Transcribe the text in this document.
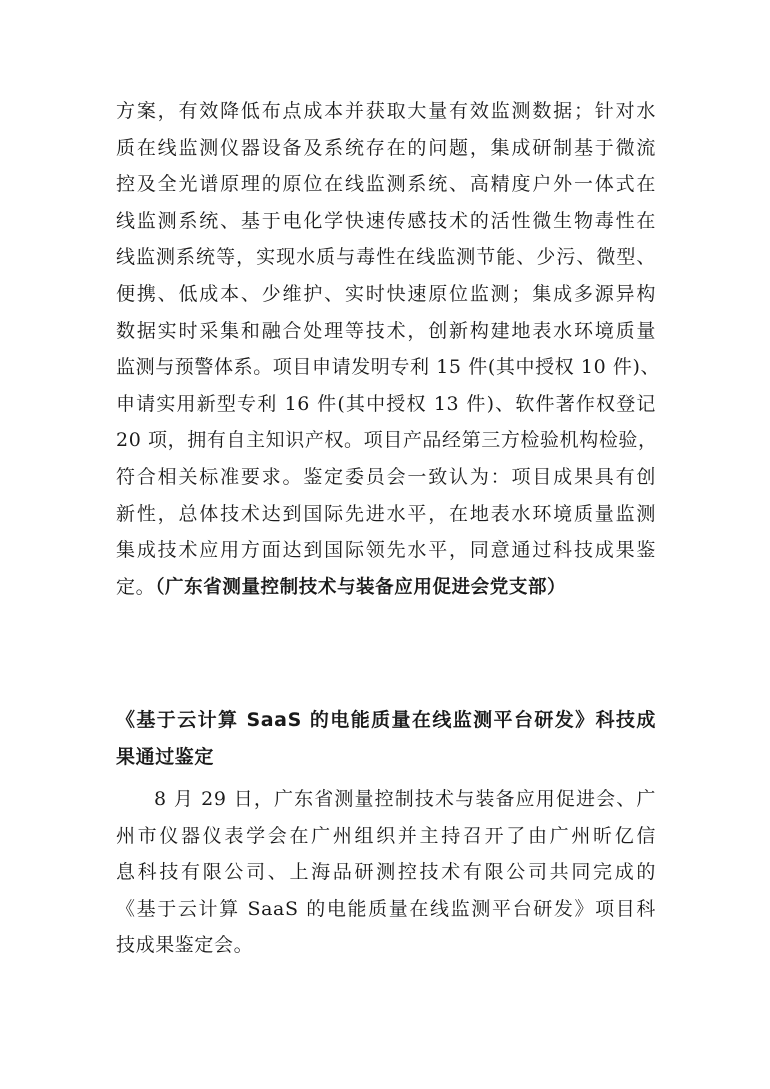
方案，有效降低布点成本并获取大量有效监测数据；针对水
质在线监测仪器设备及系统存在的问题，集成研制基于微流
控及全光谱原理的原位在线监测系统、高精度户外一体式在
线监测系统、基于电化学快速传感技术的活性微生物毒性在
线监测系统等，实现水质与毒性在线监测节能、少污、微型、
便携、低成本、少维护、实时快速原位监测；集成多源异构
数据实时采集和融合处理等技术，创新构建地表水环境质量
监测与预警体系。项目申请发明专利 15 件(其中授权 10 件)、
申请实用新型专利 16 件(其中授权 13 件)、软件著作权登记
20 项，拥有自主知识产权。项目产品经第三方检验机构检验，
符合相关标准要求。鉴定委员会一致认为：项目成果具有创
新性，总体技术达到国际先进水平，在地表水环境质量监测
集成技术应用方面达到国际领先水平，同意通过科技成果鉴
定。（广东省测量控制技术与装备应用促进会党支部）
《基于云计算 SaaS 的电能质量在线监测平台研发》科技成
果通过鉴定
8 月 29 日，广东省测量控制技术与装备应用促进会、广
州市仪器仪表学会在广州组织并主持召开了由广州昕亿信
息科技有限公司、上海品研测控技术有限公司共同完成的
《基于云计算 SaaS 的电能质量在线监测平台研发》项目科
技成果鉴定会。
